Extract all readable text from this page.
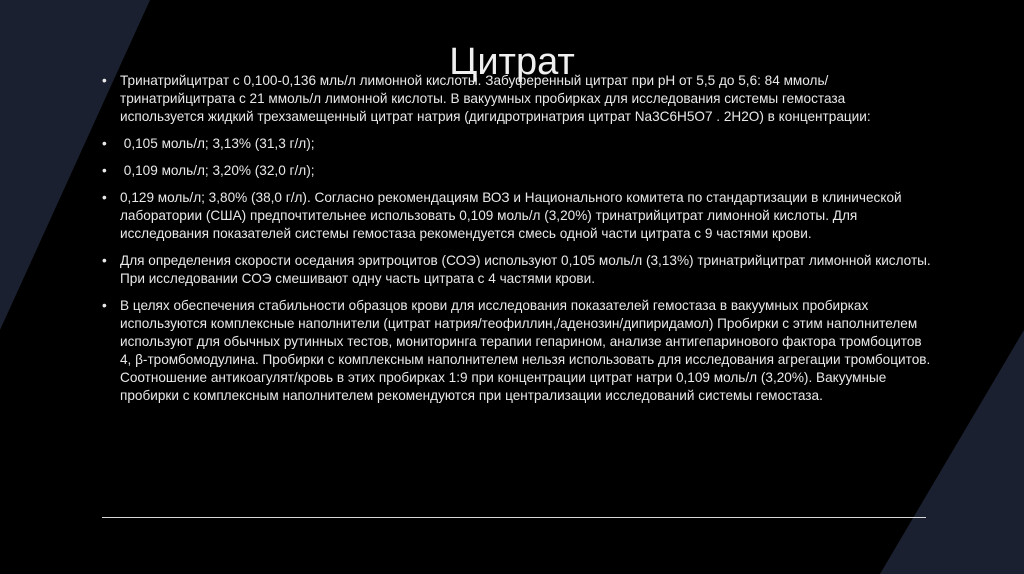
Цитрат
• Тринатрийцитрат с 0,100-0,136 мль/л лимонной кислоты. Забуференный цитрат при pH от 5,5 до 5,6: 84 ммоль/ тринатрийцитрата с 21 ммоль/л лимонной кислоты. В вакуумных пробирках для исследования системы гемостаза используется жидкий трехзамещенный цитрат натрия (дигидротринатрия цитрат Na3C6H5O7 . 2H2O) в концентрации:
• 0,105 моль/л; 3,13% (31,3 г/л);
• 0,109 моль/л; 3,20% (32,0 г/л);
• 0,129 моль/л; 3,80% (38,0 г/л). Согласно рекомендациям ВОЗ и Национального комитета по стандартизации в клинической лаборатории (США) предпочтительнее использовать 0,109 моль/л (3,20%) тринатрийцитрат лимонной кислоты. Для исследования показателей системы гемостаза рекомендуется смесь одной части цитрата с 9 частями крови.
• Для определения скорости оседания эритроцитов (СОЭ) используют 0,105 моль/л (3,13%) тринатрийцитрат лимонной кислоты. При исследовании СОЭ смешивают одну часть цитрата с 4 частями крови.
• В целях обеспечения стабильности образцов крови для исследования показателей гемостаза в вакуумных пробирках используются комплексные наполнители (цитрат натрия/теофиллин,/аденозин/дипиридамол) Пробирки с этим наполнителем используют для обычных рутинных тестов, мониторинга терапии гепарином, анализе антигепаринового фактора тромбоцитов 4, β-тромбомодулина. Пробирки с комплексным наполнителем нельзя использовать для исследования агрегации тромбоцитов. Соотношение антикоагулят/кровь в этих пробирках 1:9 при концентрации цитрат натри 0,109 моль/л (3,20%). Вакуумные пробирки с комплексным наполнителем рекомендуются при централизации исследований системы гемостаза.
